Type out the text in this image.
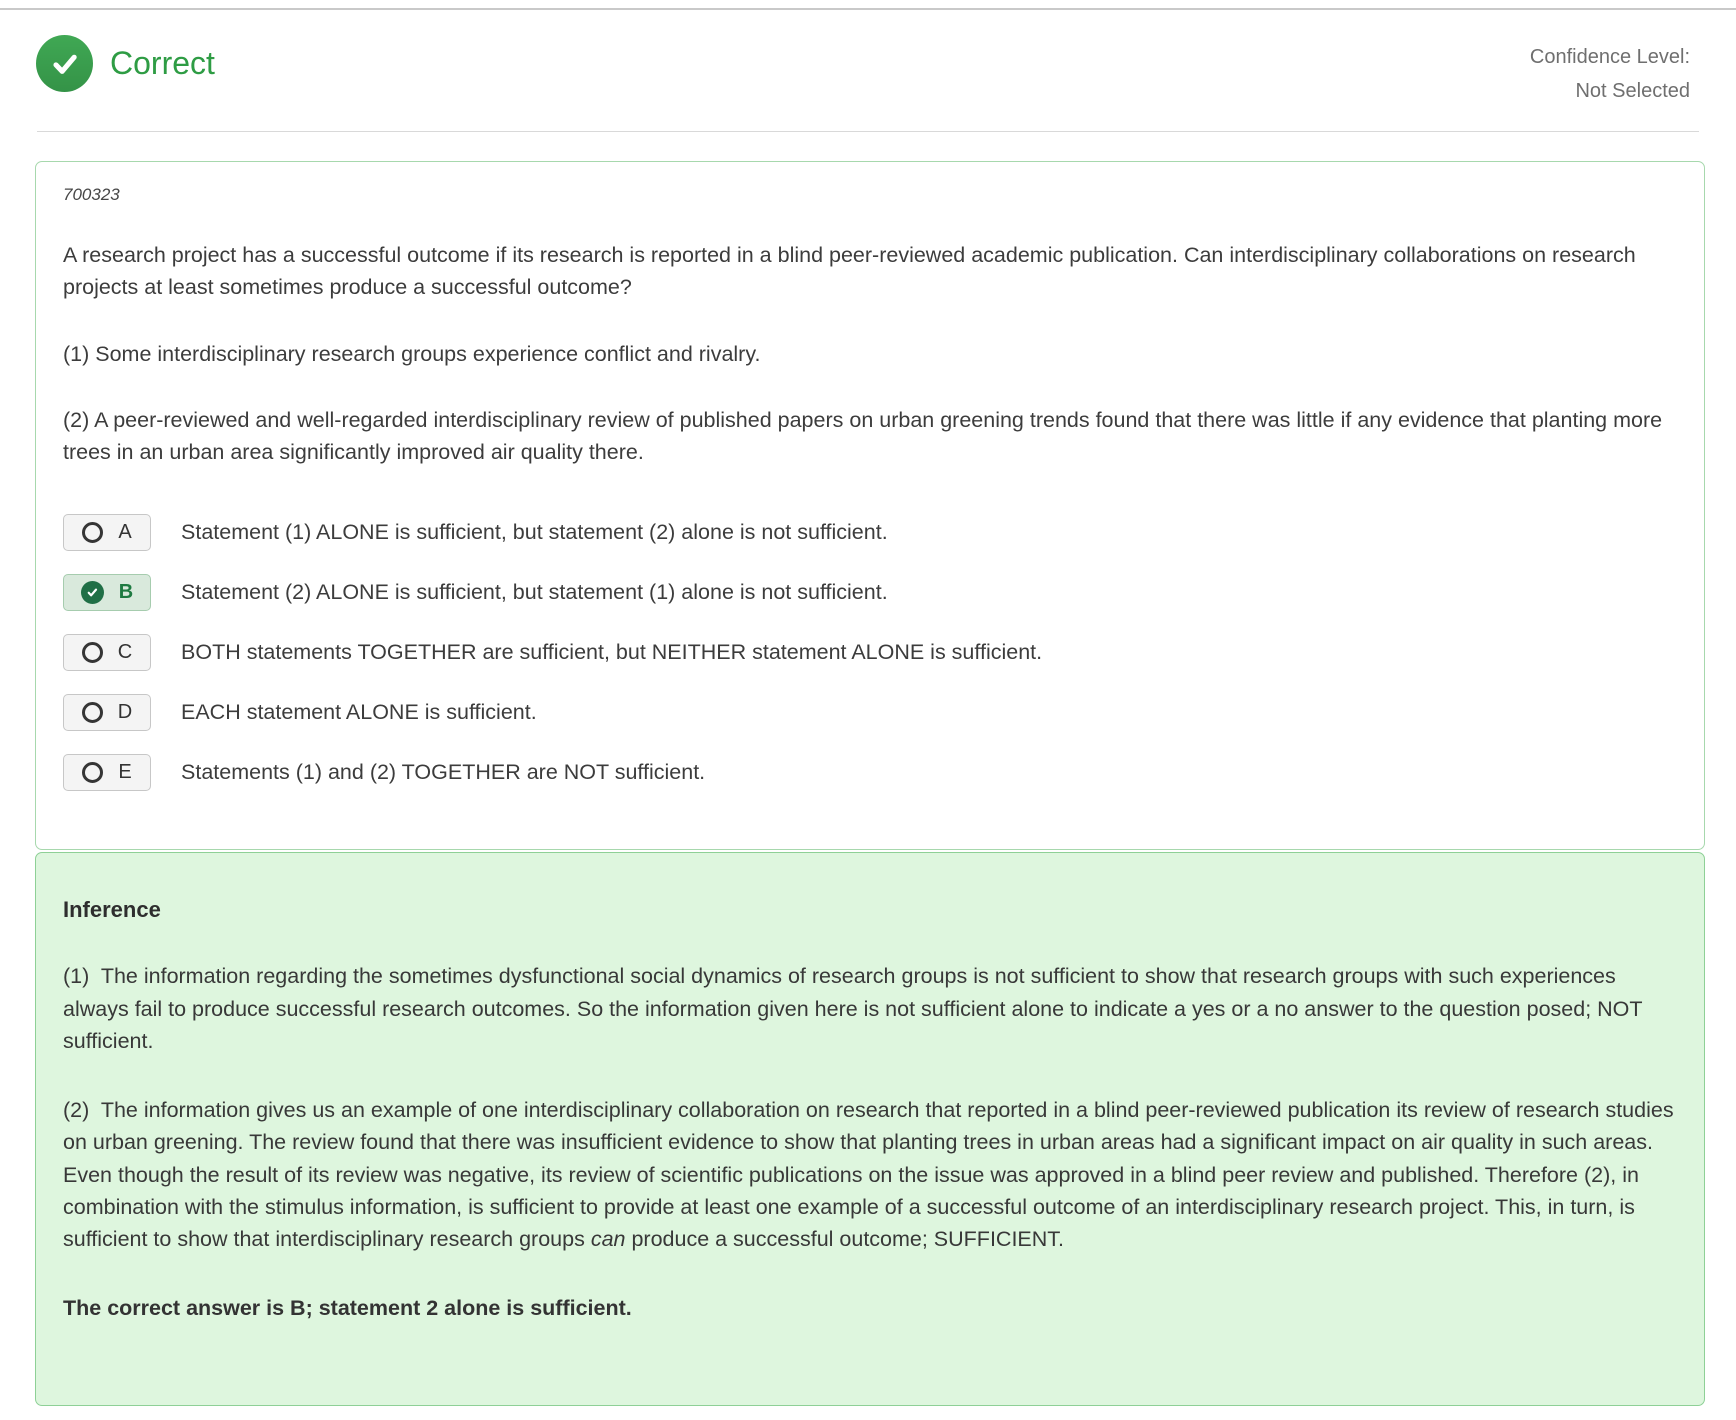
Correct	Confidence Level:
Not Selected
700323

A research project has a successful outcome if its research is reported in a blind peer-reviewed academic publication. Can interdisciplinary collaborations on research projects at least sometimes produce a successful outcome?

(1) Some interdisciplinary research groups experience conflict and rivalry.

(2) A peer-reviewed and well-regarded interdisciplinary review of published papers on urban greening trends found that there was little if any evidence that planting more trees in an urban area significantly improved air quality there.

A Statement (1) ALONE is sufficient, but statement (2) alone is not sufficient.
B Statement (2) ALONE is sufficient, but statement (1) alone is not sufficient.
C BOTH statements TOGETHER are sufficient, but NEITHER statement ALONE is sufficient.
D EACH statement ALONE is sufficient.
E Statements (1) and (2) TOGETHER are NOT sufficient.
Inference

(1)  The information regarding the sometimes dysfunctional social dynamics of research groups is not sufficient to show that research groups with such experiences always fail to produce successful research outcomes. So the information given here is not sufficient alone to indicate a yes or a no answer to the question posed; NOT sufficient.

(2)  The information gives us an example of one interdisciplinary collaboration on research that reported in a blind peer-reviewed publication its review of research studies on urban greening. The review found that there was insufficient evidence to show that planting trees in urban areas had a significant impact on air quality in such areas. Even though the result of its review was negative, its review of scientific publications on the issue was approved in a blind peer review and published. Therefore (2), in combination with the stimulus information, is sufficient to provide at least one example of a successful outcome of an interdisciplinary research project. This, in turn, is sufficient to show that interdisciplinary research groups can produce a successful outcome; SUFFICIENT.

The correct answer is B; statement 2 alone is sufficient.
